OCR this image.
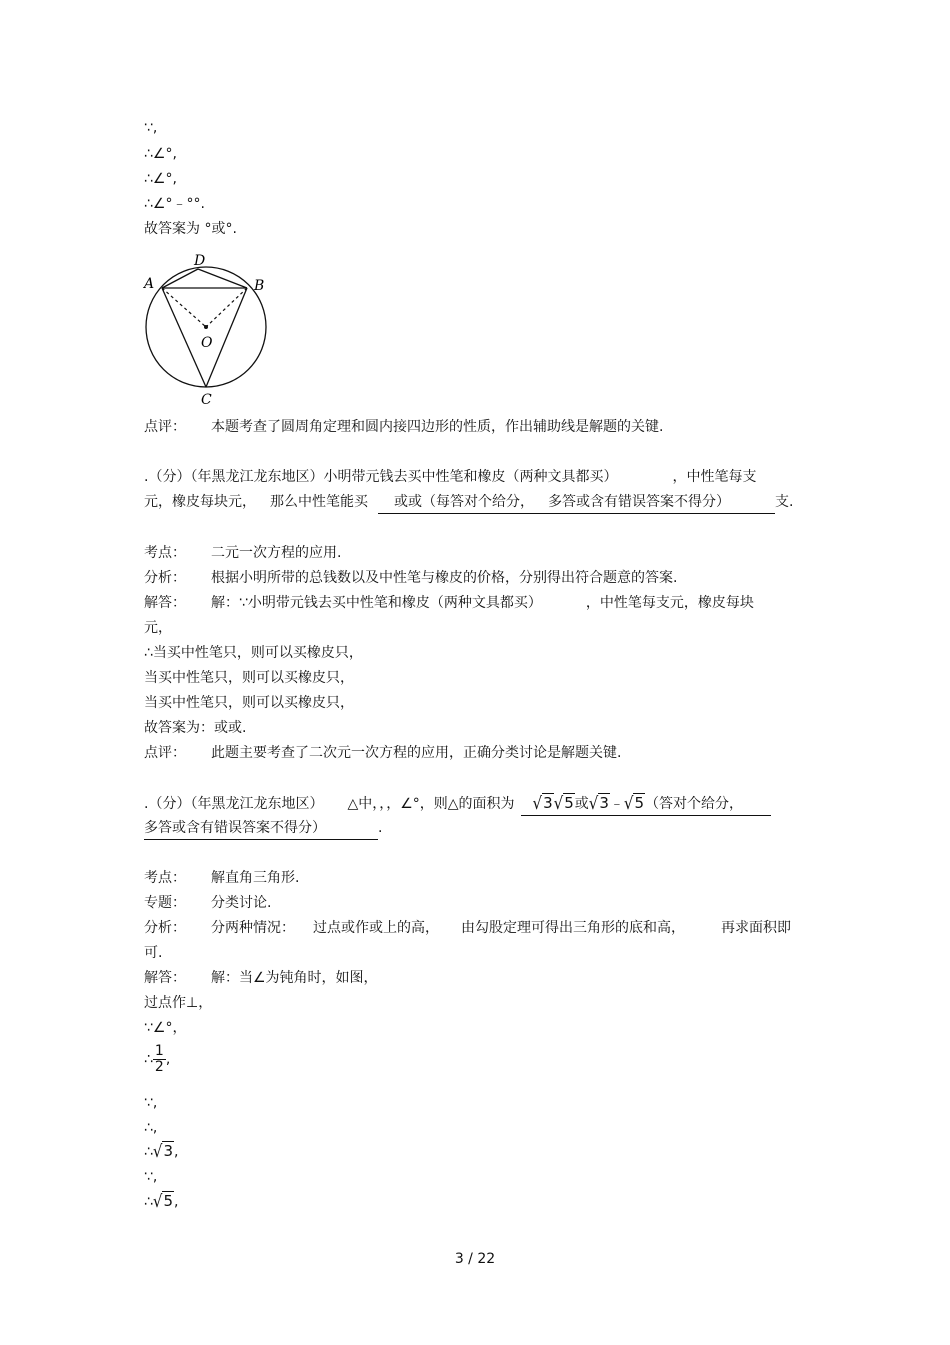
∵,
∴∠°,
∴∠°,
∴∠°﹣°°.
故答案为 °或°.
A
D
B
O
C
点评： 本题考查了圆周角定理和圆内接四边形的性质，作出辅助线是解题的关键.
.（分）（年黑龙江龙东地区）小明带元钱去买中性笔和橡皮（两种文具都买）	，中性笔每支
元，橡皮每块元， 那么中性笔能买 或或（每答对个给分， 多答或含有错误答案不得分）	支.
考点： 二元一次方程的应用.
分析： 根据小明所带的总钱数以及中性笔与橡皮的价格，分别得出符合题意的答案.
解答： 解：∵小明带元钱去买中性笔和橡皮（两种文具都买）	，中性笔每支元，橡皮每块
元，
∴当买中性笔只，则可以买橡皮只，
当买中性笔只，则可以买橡皮只，
当买中性笔只，则可以买橡皮只，
故答案为：或或.
点评： 此题主要考查了二次元一次方程的应用，正确分类讨论是解题关键.
.（分）（年黑龙江龙东地区） △中，，，∠°，则△的面积为 √3√5或√3﹣√5（答对个给分，
多答或含有错误答案不得分）	.
考点： 解直角三角形.
专题： 分类讨论.
分析： 分两种情况： 过点或作或上的高， 由勾股定理可得出三角形的底和高，	再求面积即
可.
解答： 解：当∠为钝角时，如图，
过点作⊥，
∵∠°，
∴ $\frac{1}{2}$ ,
∵,
∴,
∴√3,
∵,
∴√5,
3 / 22
